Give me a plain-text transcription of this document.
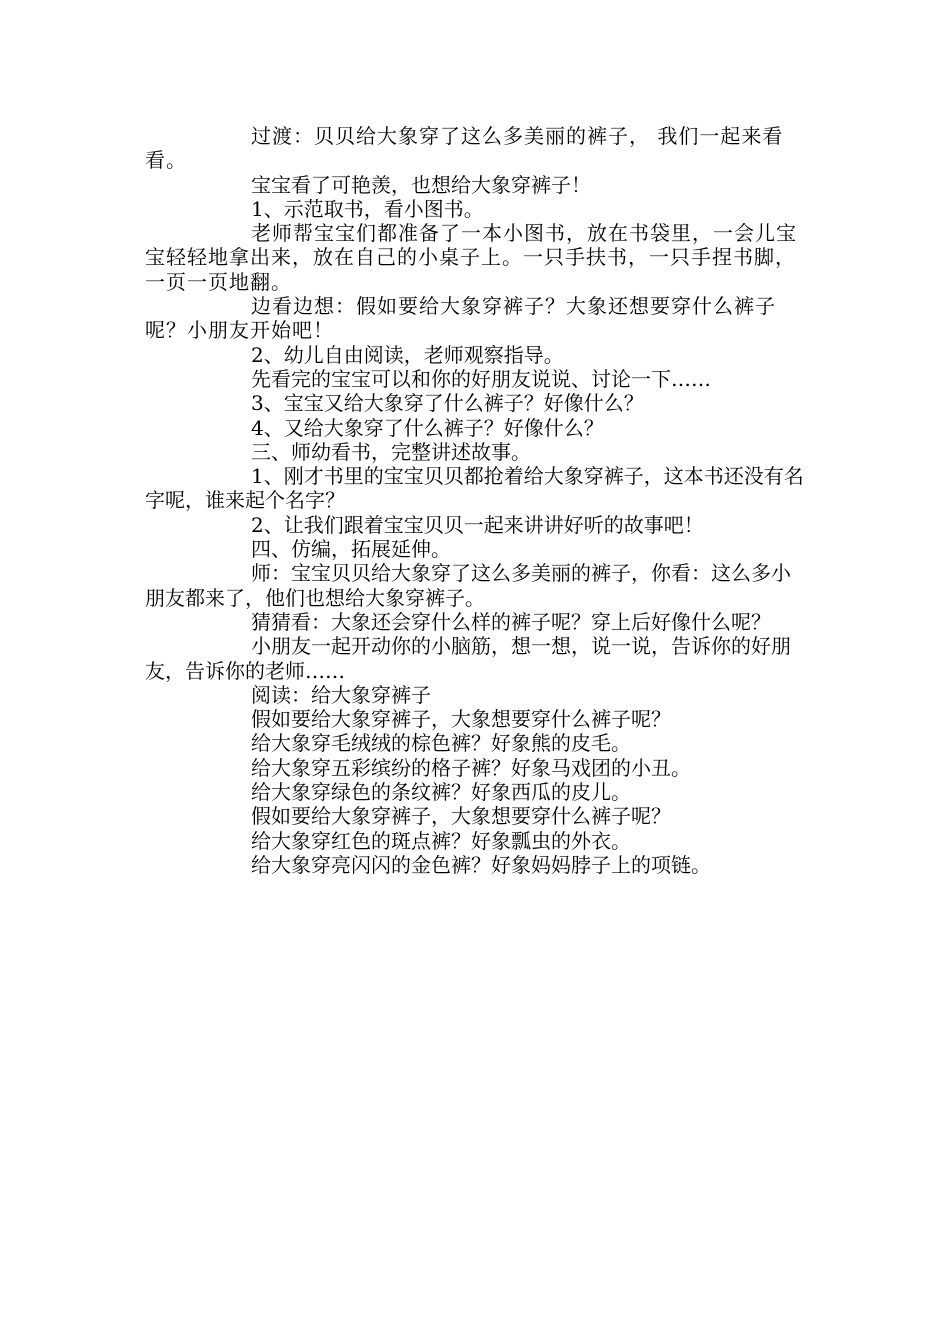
过渡：贝贝给大象穿了这么多美丽的裤子， 我们一起来看看。

宝宝看了可艳羡，也想给大象穿裤子！

1、示范取书，看小图书。

老师帮宝宝们都准备了一本小图书，放在书袋里，一会儿宝宝轻轻地拿出来，放在自己的小桌子上。一只手扶书，一只手捏书脚，一页一页地翻。

边看边想：假如要给大象穿裤子？大象还想要穿什么裤子呢？小朋友开始吧！

2、幼儿自由阅读，老师观察指导。

先看完的宝宝可以和你的好朋友说说、讨论一下……

3、宝宝又给大象穿了什么裤子？好像什么？

4、又给大象穿了什么裤子？好像什么？

三、师幼看书，完整讲述故事。

1、刚才书里的宝宝贝贝都抢着给大象穿裤子，这本书还没有名字呢，谁来起个名字？

2、让我们跟着宝宝贝贝一起来讲讲好听的故事吧！

四、仿编，拓展延伸。

师：宝宝贝贝给大象穿了这么多美丽的裤子，你看：这么多小朋友都来了，他们也想给大象穿裤子。

猜猜看：大象还会穿什么样的裤子呢？穿上后好像什么呢？

小朋友一起开动你的小脑筋，想一想，说一说，告诉你的好朋友，告诉你的老师……

阅读：给大象穿裤子

假如要给大象穿裤子，大象想要穿什么裤子呢？

给大象穿毛绒绒的棕色裤？好象熊的皮毛。

给大象穿五彩缤纷的格子裤？好象马戏团的小丑。

给大象穿绿色的条纹裤？好象西瓜的皮儿。

假如要给大象穿裤子，大象想要穿什么裤子呢？

给大象穿红色的斑点裤？好象瓢虫的外衣。

给大象穿亮闪闪的金色裤？好象妈妈脖子上的项链。
